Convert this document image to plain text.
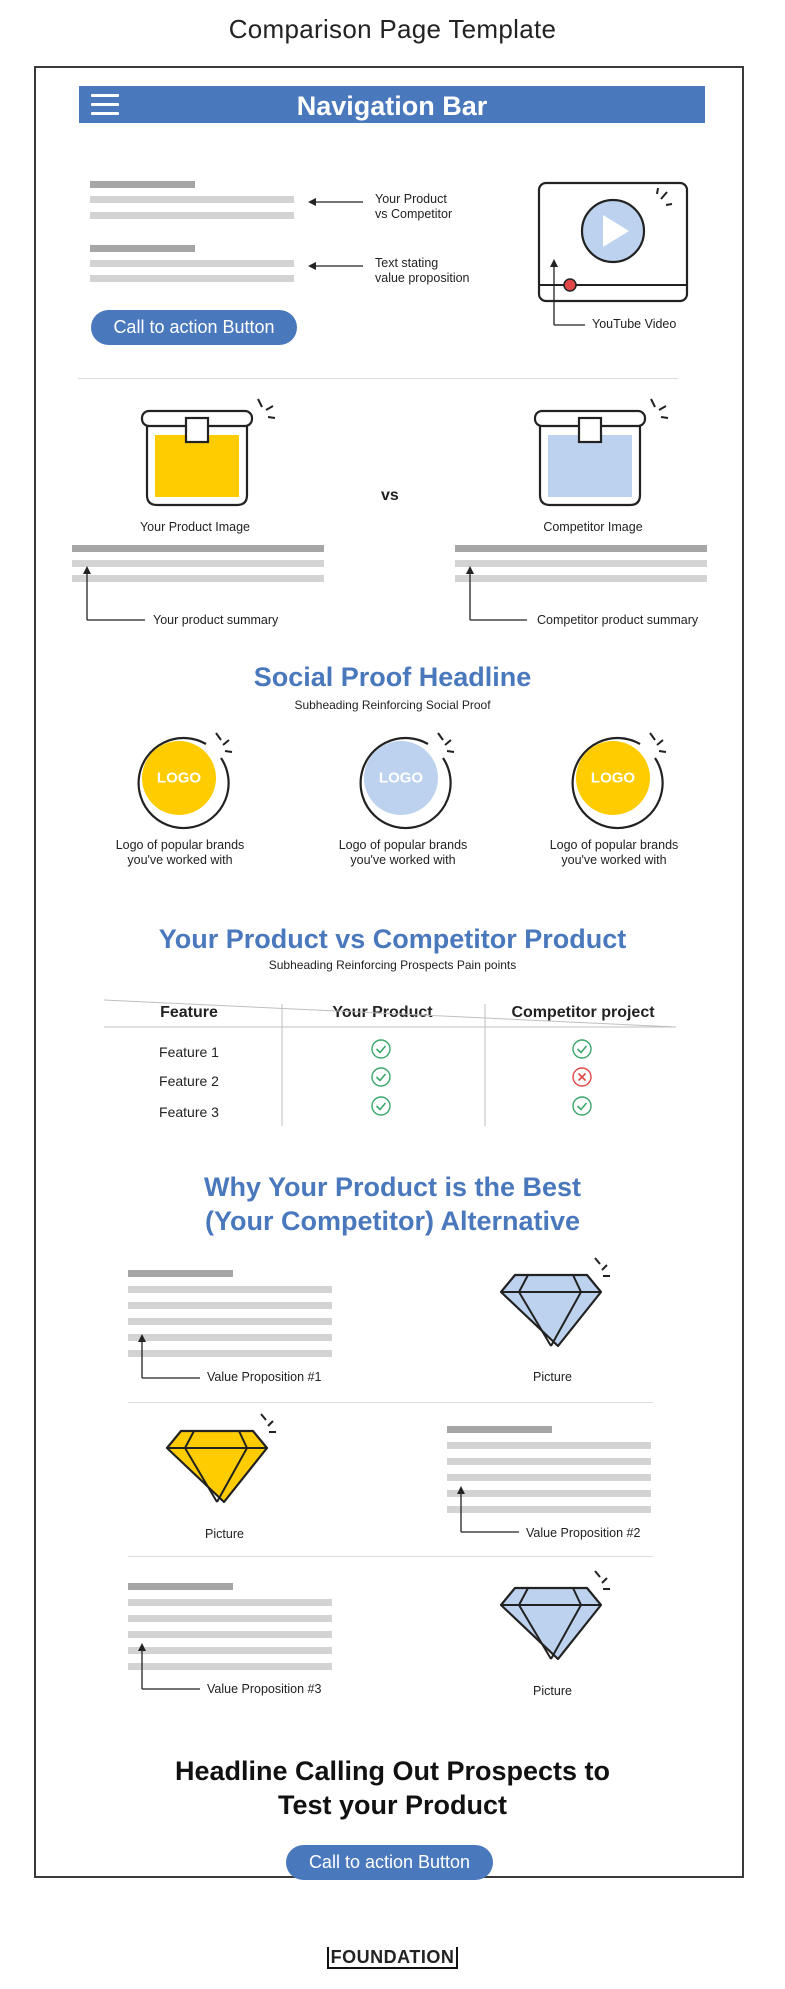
Comparison Page Template
Navigation Bar
Your Product
vs Competitor
Text stating
value proposition
Call to action Button	YouTube Video
vs
Your Product Image	Competitor Image
Your product summary	Competitor product summary
Social Proof Headline
Subheading Reinforcing Social Proof
LOGO	LOGO	LOGO
Logo of popular brands
you've worked with
Logo of popular brands
you've worked with
Logo of popular brands
you've worked with
Your Product vs Competitor Product
Subheading Reinforcing Prospects Pain points
Feature	Your Product	Competitor project
Feature 1
Feature 2
Feature 3
Why Your Product is the Best
(Your Competitor) Alternative
Value Proposition #1	Picture
Picture	Value Proposition #2
Value Proposition #3	Picture
Headline Calling Out Prospects to
Test your Product
Call to action Button
FOUNDATION
